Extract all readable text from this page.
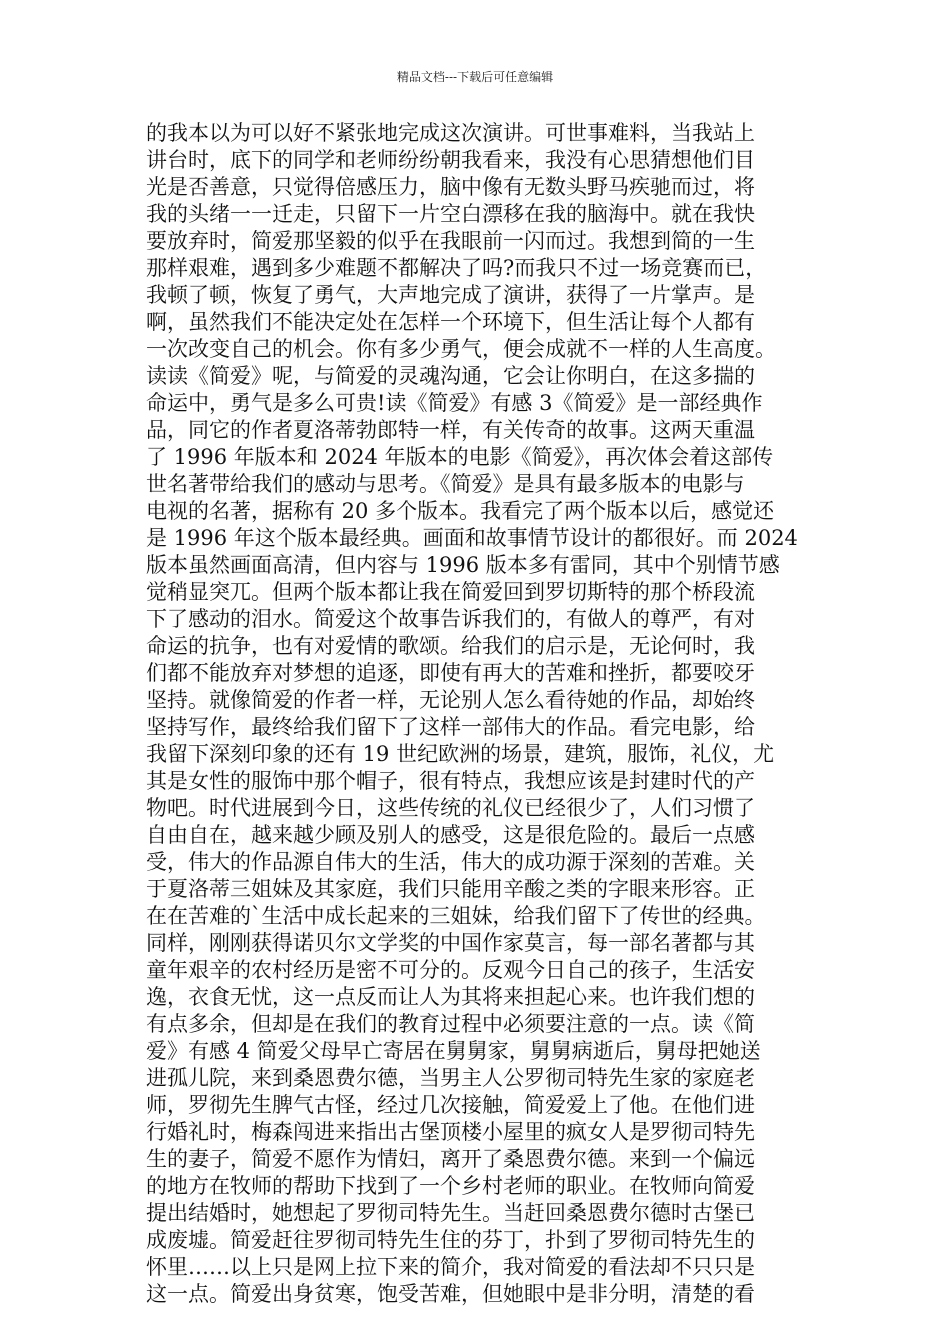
精品文档---下载后可任意编辑
的我本以为可以好不紧张地完成这次演讲。可世事难料，当我站上
讲台时，底下的同学和老师纷纷朝我看来，我没有心思猜想他们目
光是否善意，只觉得倍感压力，脑中像有无数头野马疾驰而过，将
我的头绪一一迁走，只留下一片空白漂移在我的脑海中。就在我快
要放弃时，简爱那坚毅的似乎在我眼前一闪而过。我想到简的一生
那样艰难，遇到多少难题不都解决了吗?而我只不过一场竞赛而已，
我顿了顿，恢复了勇气，大声地完成了演讲，获得了一片掌声。是
啊，虽然我们不能决定处在怎样一个环境下，但生活让每个人都有
一次改变自己的机会。你有多少勇气，便会成就不一样的人生高度。
读读《简爱》呢，与简爱的灵魂沟通，它会让你明白，在这多揣的
命运中，勇气是多么可贵!读《简爱》有感 3《简爱》是一部经典作
品，同它的作者夏洛蒂勃郎特一样，有关传奇的故事。这两天重温
了 1996 年版本和 2024 年版本的电影《简爱》，再次体会着这部传
世名著带给我们的感动与思考。《简爱》是具有最多版本的电影与
电视的名著，据称有 20 多个版本。我看完了两个版本以后，感觉还
是 1996 年这个版本最经典。画面和故事情节设计的都很好。而 2024
版本虽然画面高清，但内容与 1996 版本多有雷同，其中个别情节感
觉稍显突兀。但两个版本都让我在简爱回到罗切斯特的那个桥段流
下了感动的泪水。简爱这个故事告诉我们的，有做人的尊严，有对
命运的抗争，也有对爱情的歌颂。给我们的启示是，无论何时，我
们都不能放弃对梦想的追逐，即使有再大的苦难和挫折，都要咬牙
坚持。就像简爱的作者一样，无论别人怎么看待她的作品，却始终
坚持写作，最终给我们留下了这样一部伟大的作品。看完电影，给
我留下深刻印象的还有 19 世纪欧洲的场景，建筑，服饰，礼仪，尤
其是女性的服饰中那个帽子，很有特点，我想应该是封建时代的产
物吧。时代进展到今日，这些传统的礼仪已经很少了，人们习惯了
自由自在，越来越少顾及别人的感受，这是很危险的。最后一点感
受，伟大的作品源自伟大的生活，伟大的成功源于深刻的苦难。关
于夏洛蒂三姐妹及其家庭，我们只能用辛酸之类的字眼来形容。正
在在苦难的`生活中成长起来的三姐妹，给我们留下了传世的经典。
同样，刚刚获得诺贝尔文学奖的中国作家莫言，每一部名著都与其
童年艰辛的农村经历是密不可分的。反观今日自己的孩子，生活安
逸，衣食无忧，这一点反而让人为其将来担起心来。也许我们想的
有点多余，但却是在我们的教育过程中必须要注意的一点。读《简
爱》有感 4 简爱父母早亡寄居在舅舅家，舅舅病逝后，舅母把她送
进孤儿院，来到桑恩费尔德，当男主人公罗彻司特先生家的家庭老
师，罗彻先生脾气古怪，经过几次接触，简爱爱上了他。在他们进
行婚礼时，梅森闯进来指出古堡顶楼小屋里的疯女人是罗彻司特先
生的妻子，简爱不愿作为情妇，离开了桑恩费尔德。来到一个偏远
的地方在牧师的帮助下找到了一个乡村老师的职业。在牧师向简爱
提出结婚时，她想起了罗彻司特先生。当赶回桑恩费尔德时古堡已
成废墟。简爱赶往罗彻司特先生住的芬丁，扑到了罗彻司特先生的
怀里……以上只是网上拉下来的简介，我对简爱的看法却不只只是
这一点。简爱出身贫寒，饱受苦难，但她眼中是非分明，清楚的看
